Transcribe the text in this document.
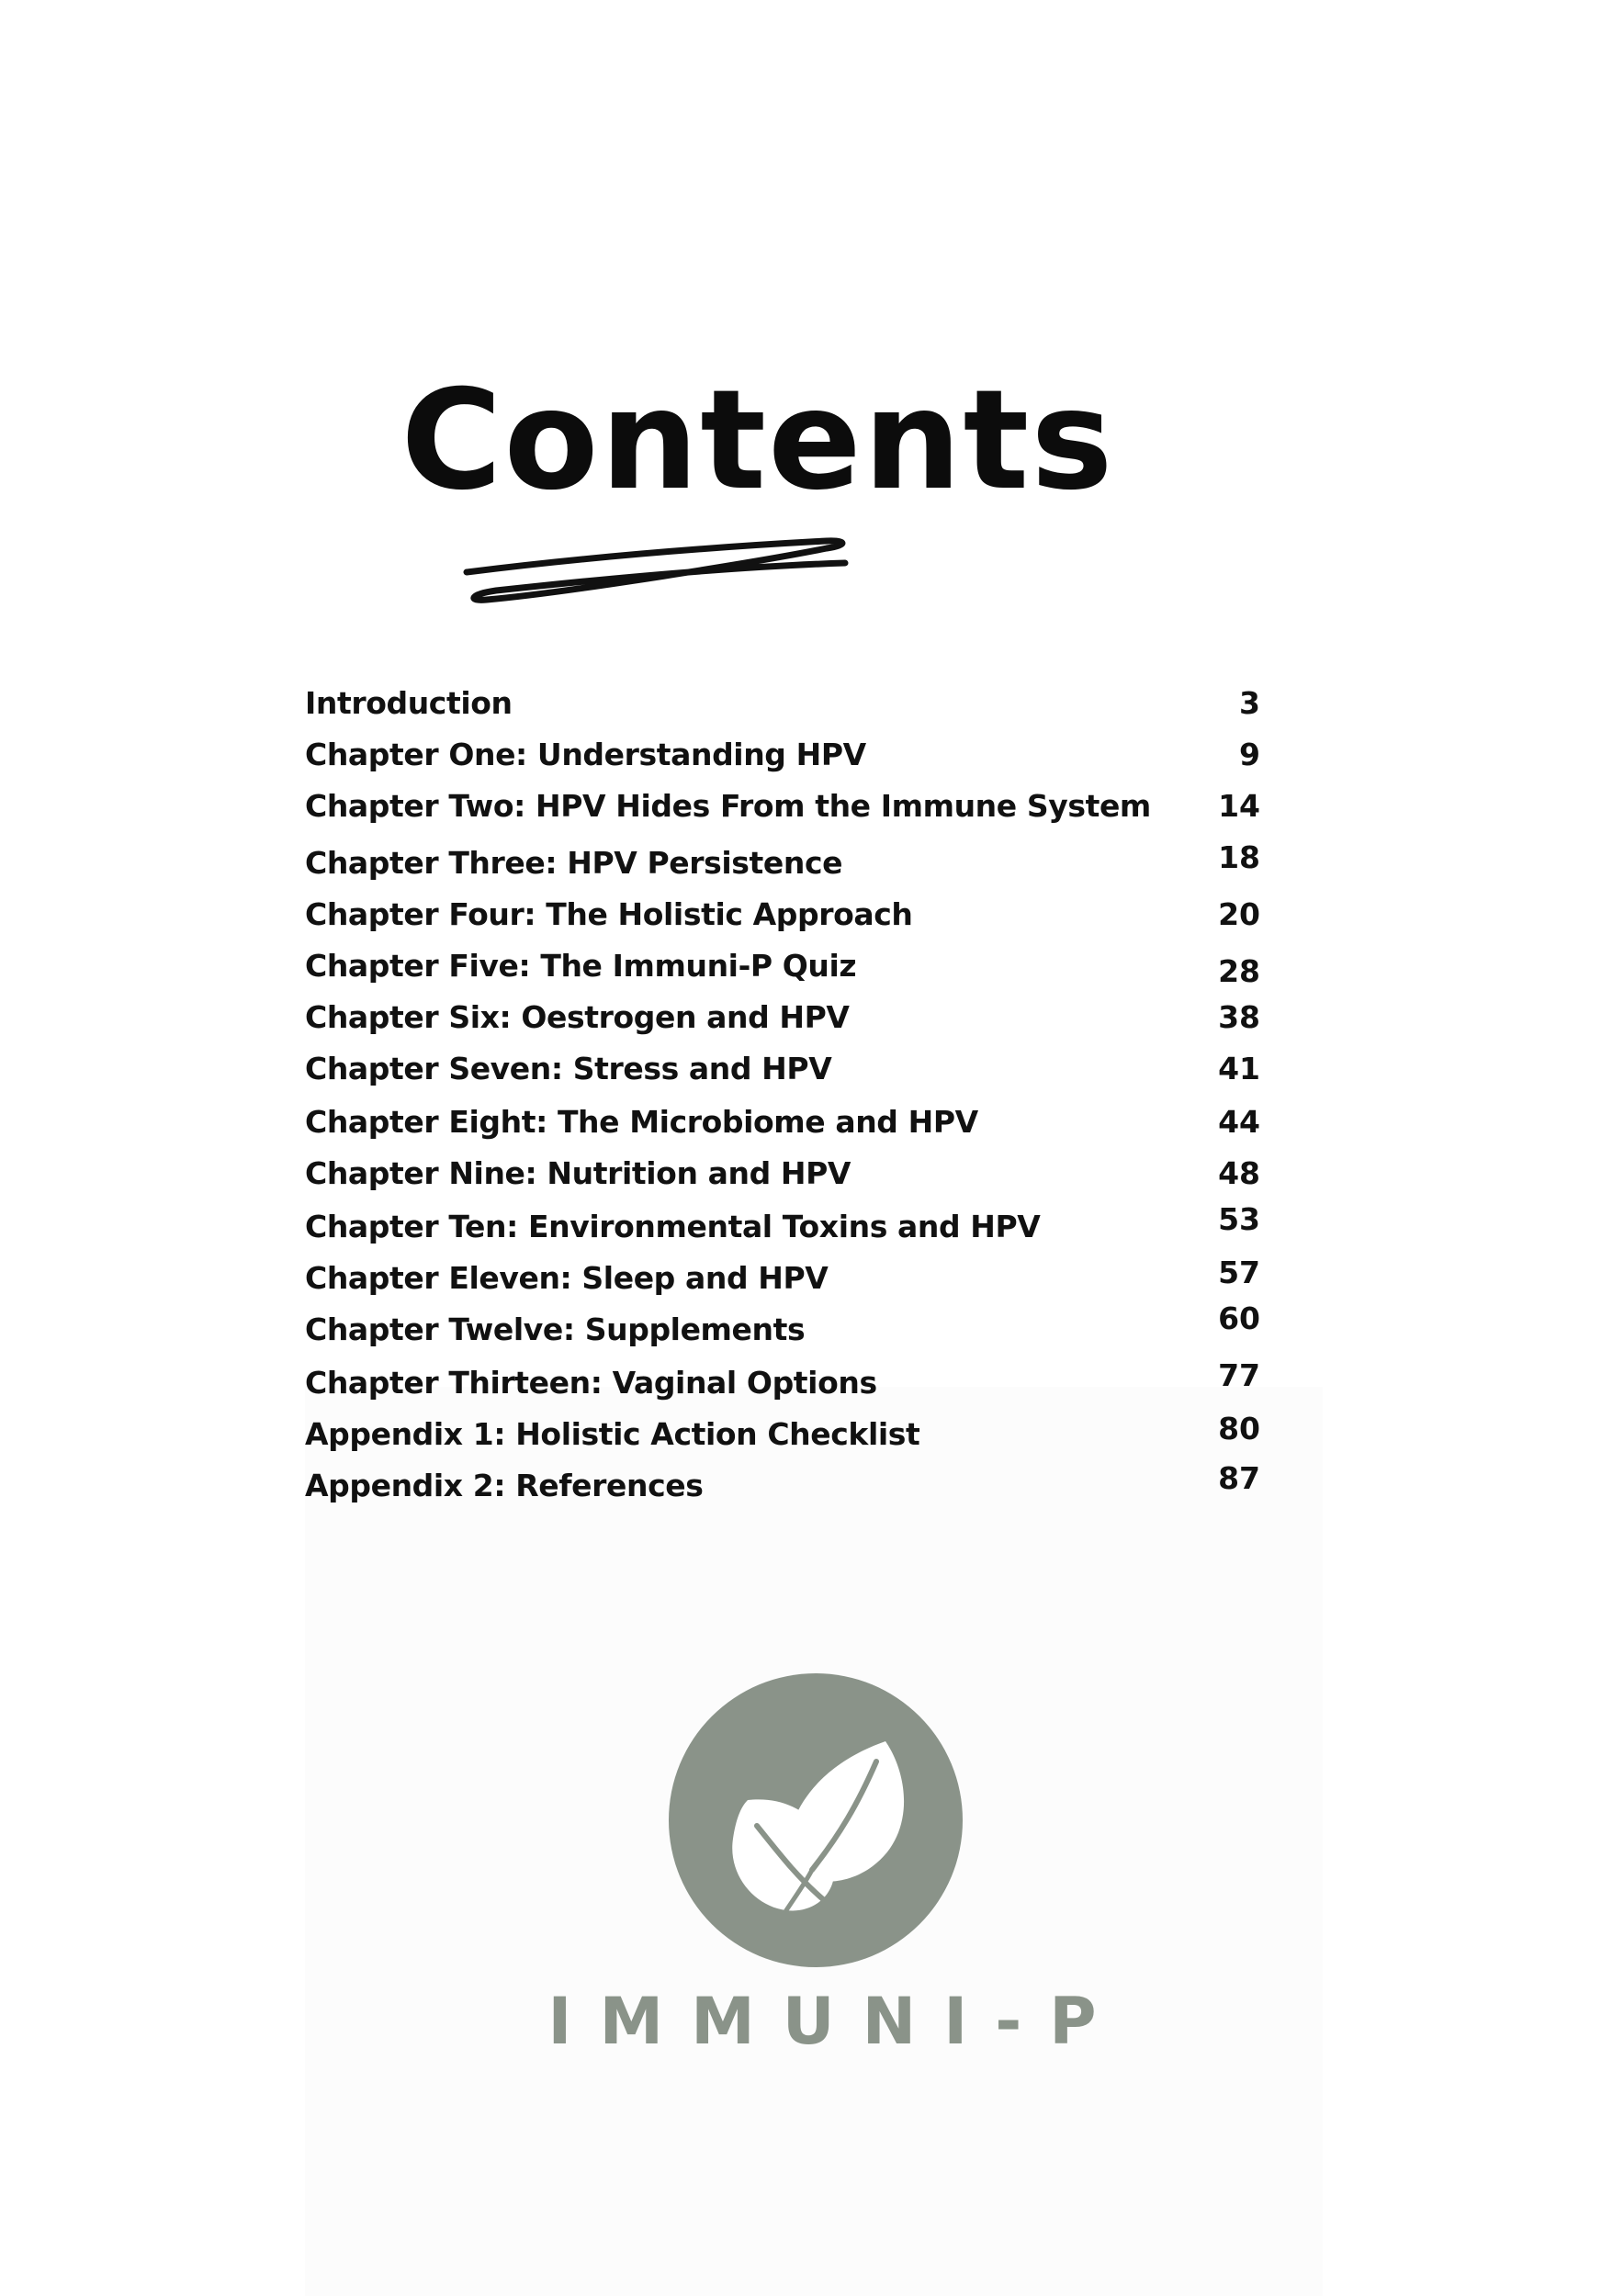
Contents
Introduction	3
Chapter One: Understanding HPV	9
Chapter Two: HPV Hides From the Immune System 14
Chapter Three: HPV Persistence	18
Chapter Four: The Holistic Approach	20
Chapter Five: The Immuni-P Quiz	28
Chapter Six: Oestrogen and HPV	38
Chapter Seven: Stress and HPV	41
Chapter Eight: The Microbiome and HPV	44
Chapter Nine: Nutrition and HPV	48
Chapter Ten: Environmental Toxins and HPV	53
Chapter Eleven: Sleep and HPV	57
Chapter Twelve: Supplements	60
Chapter Thirteen: Vaginal Options	77
Appendix 1: Holistic Action Checklist	80
Appendix 2: References	87
IMMUNI-P
